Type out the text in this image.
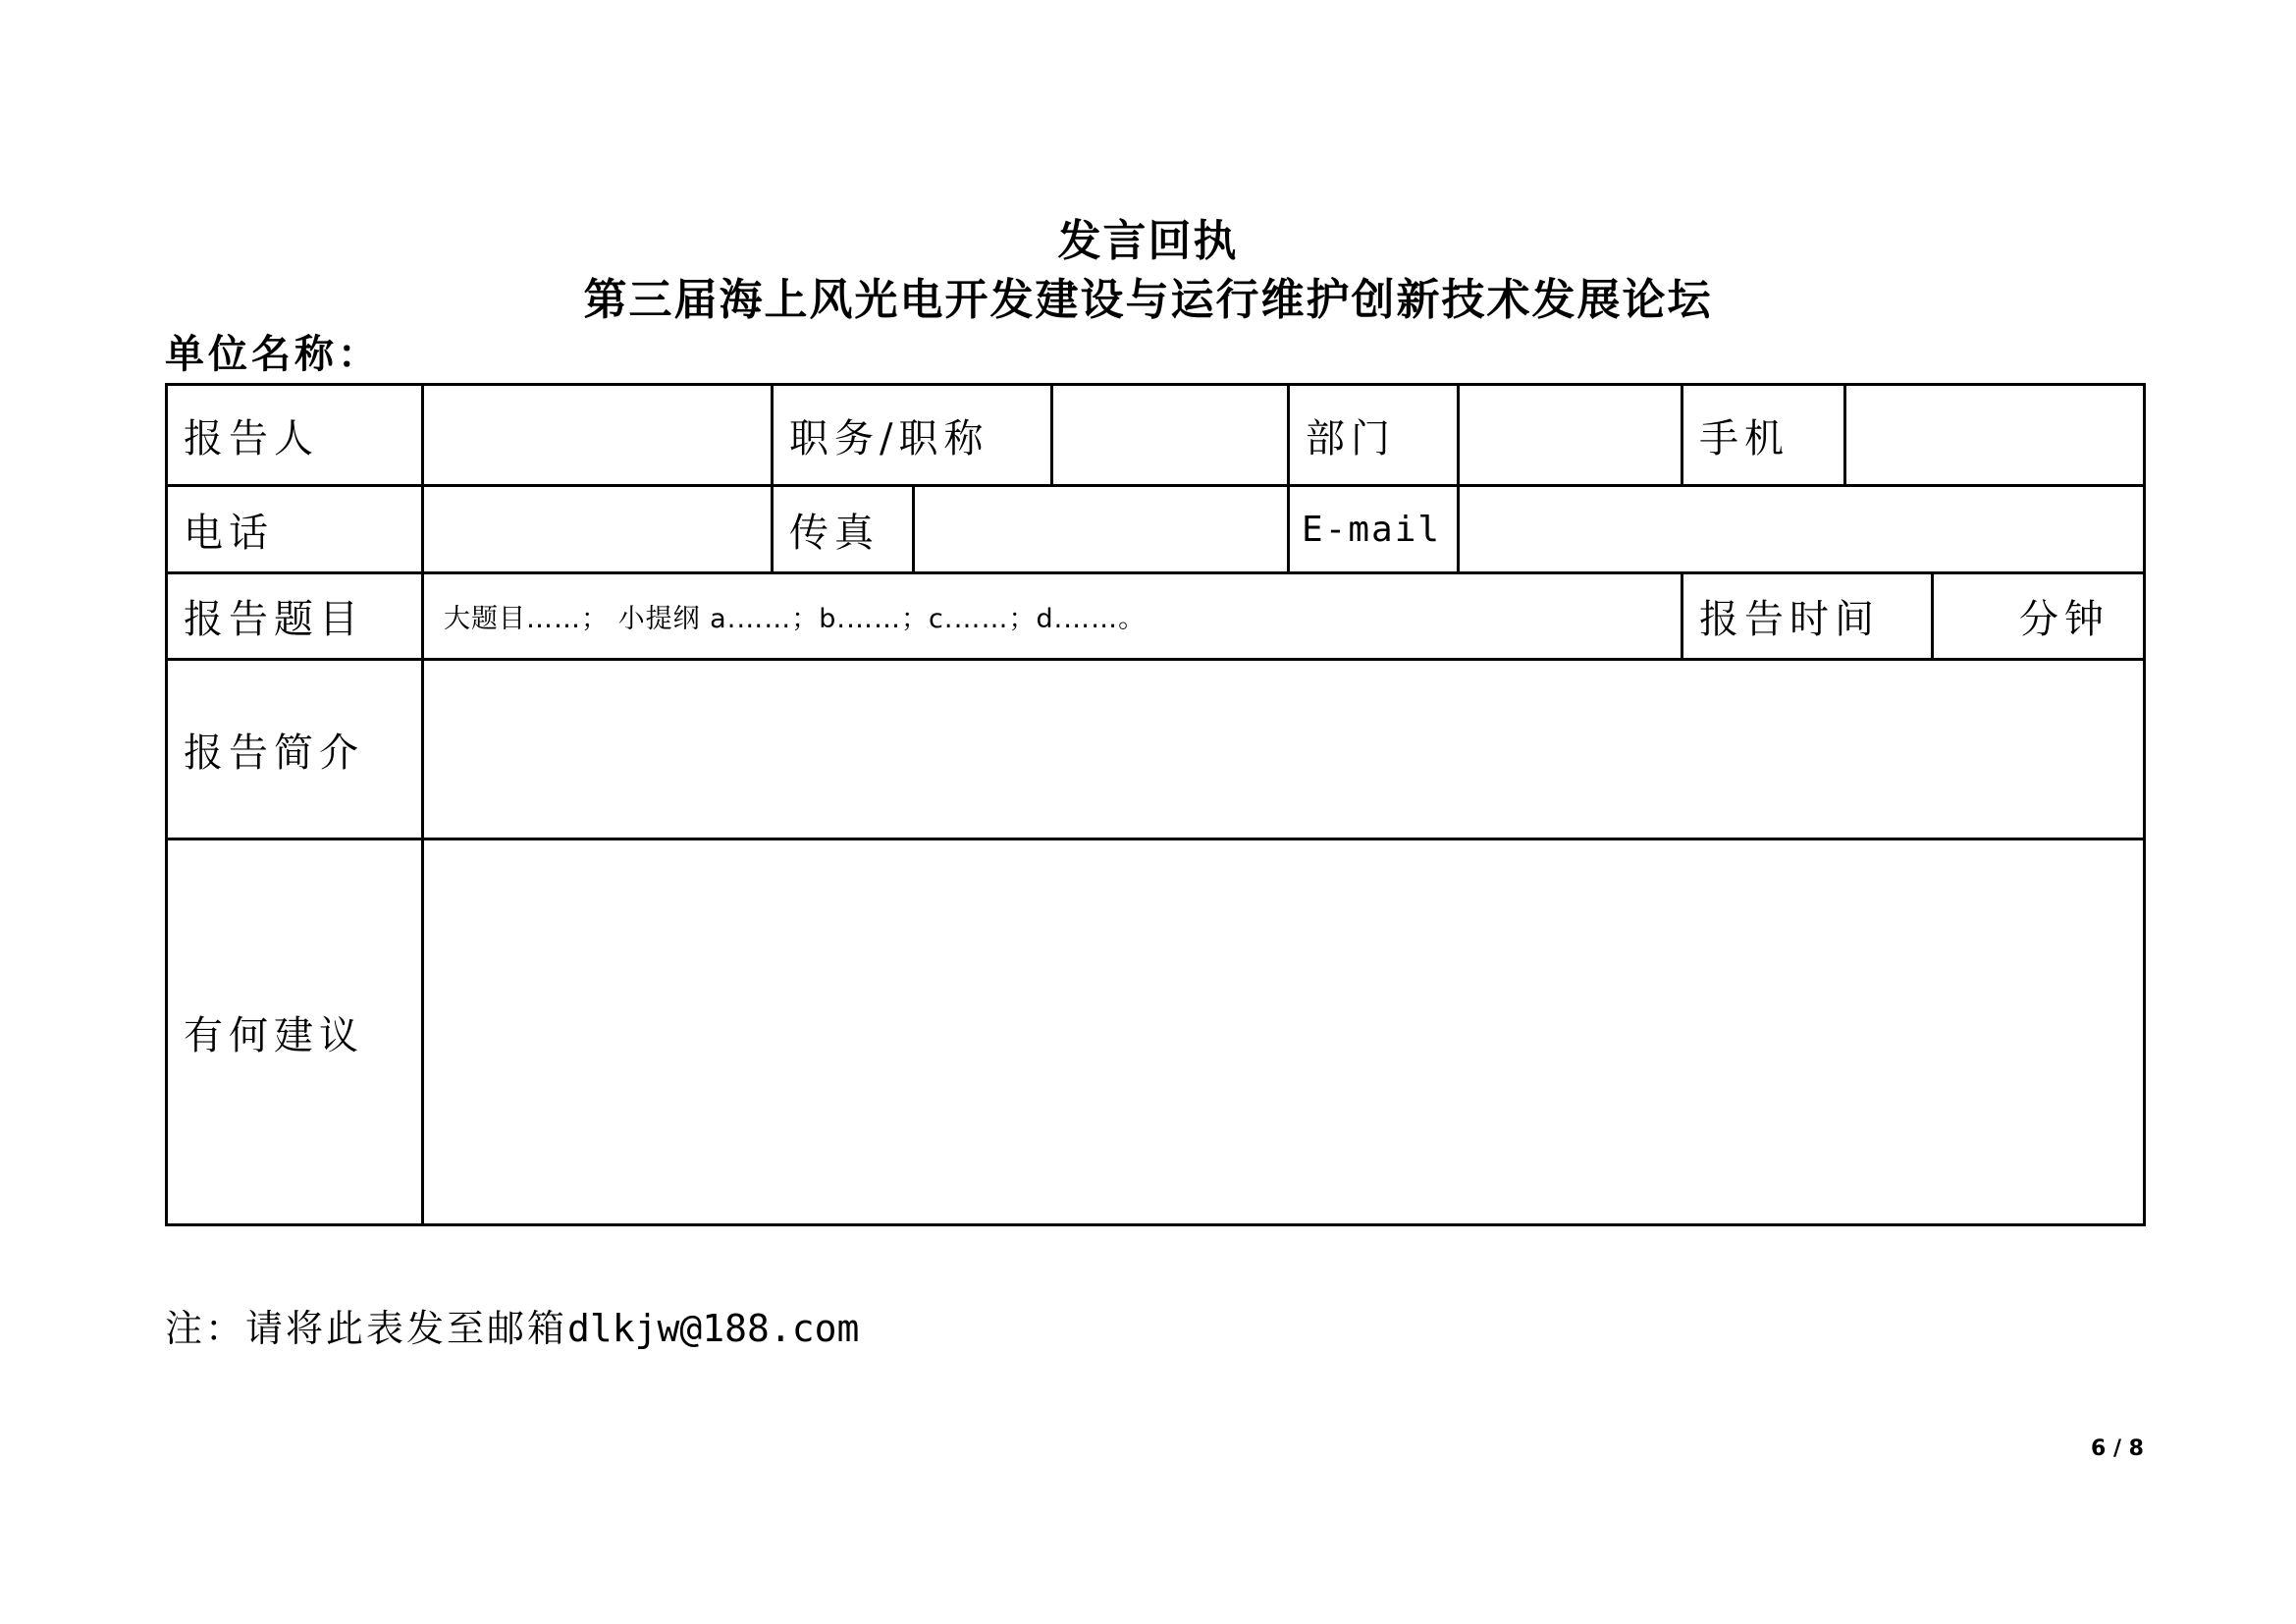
发言回执
第三届海上风光电开发建设与运行维护创新技术发展论坛
单位名称：
报告人	职务/职称	部门	手机
电话	传真	E-mail
报告题目	大题目……； 小提纲 a.……；b.……；c.……；d.……。	报告时间	分钟
报告简介
有何建议
注：请将此表发至邮箱dlkjw@188.com
6 / 8
